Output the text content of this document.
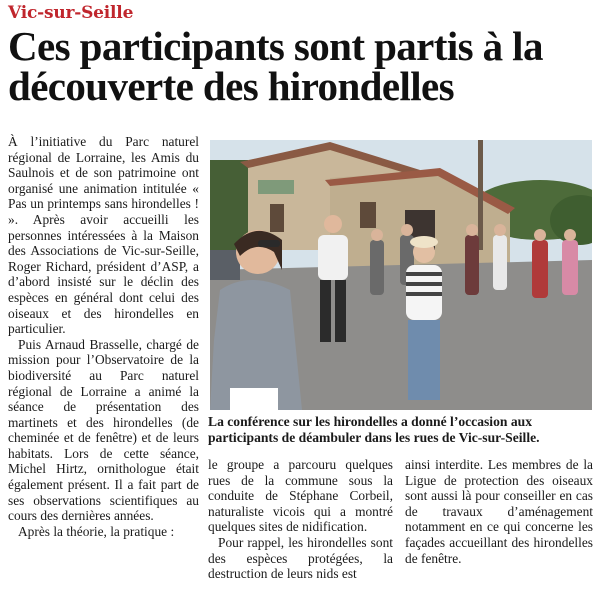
Vic-sur-Seille
Ces participants sont partis à la découverte des hirondelles

À l’initiative du Parc naturel régional de Lorraine, les Amis du Saulnois et de son patrimoine ont organisé une animation intitulée « Pas un printemps sans hirondelles ! ». Après avoir accueilli les personnes intéressées à la Maison des Associations de Vic-sur-Seille, Roger Richard, président d’ASP, a d’abord insisté sur le déclin des espèces en général dont celui des oiseaux et des hirondelles en particulier.

Puis Arnaud Brasselle, chargé de mission pour l’Observatoire de la biodiversité au Parc naturel régional de Lorraine a animé la séance de présentation des martinets et des hirondelles (de cheminée et de fenêtre) et de leurs habitats. Lors de cette séance, Michel Hirtz, ornithologue était également présent. Il a fait part de ses observations scientifiques au cours des dernières années.

Après la théorie, la pratique :

La conférence sur les hirondelles a donné l’occasion aux participants de déambuler dans les rues de Vic-sur-Seille.

le groupe a parcouru quelques rues de la commune sous la conduite de Stéphane Corbeil, naturaliste vicois qui a montré quelques sites de nidification.

Pour rappel, les hirondelles sont des espèces protégées, la destruction de leurs nids est

ainsi interdite. Les membres de la Ligue de protection des oiseaux sont aussi là pour conseiller en cas de travaux d’aménagement notamment en ce qui concerne les façades accueillant des hirondelles de fenêtre.
